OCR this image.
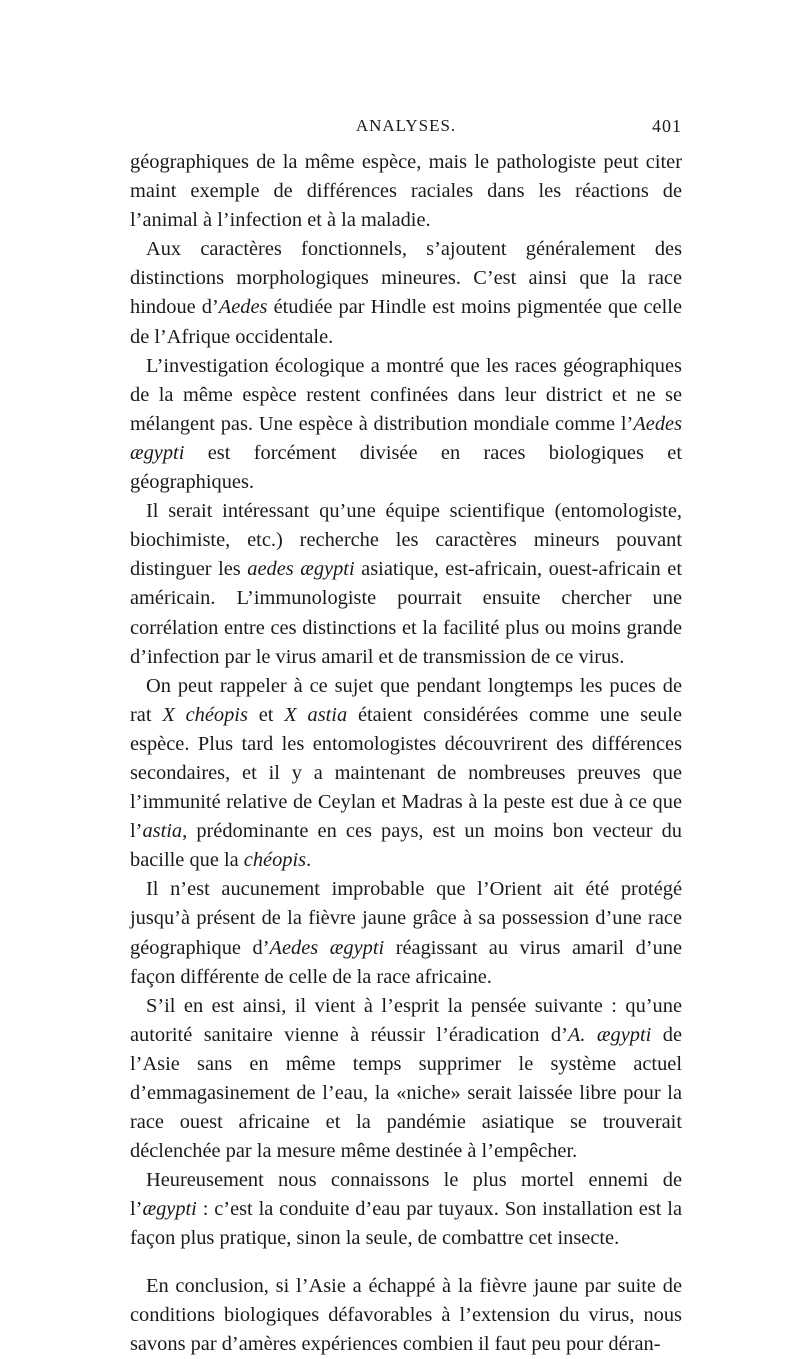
ANALYSES.	401

géographiques de la même espèce, mais le pathologiste peut citer maint exemple de différences raciales dans les réactions de l’animal à l’infection et à la maladie.

Aux caractères fonctionnels, s’ajoutent généralement des distinctions morphologiques mineures. C’est ainsi que la race hindoue d’Aedes étudiée par Hindle est moins pigmentée que celle de l’Afrique occidentale.

L’investigation écologique a montré que les races géographiques de la même espèce restent confinées dans leur district et ne se mélangent pas. Une espèce à distribution mondiale comme l’Aedes ægypti est forcément divisée en races biologiques et géographiques.

Il serait intéressant qu’une équipe scientifique (entomologiste, biochimiste, etc.) recherche les caractères mineurs pouvant distinguer les aedes ægypti asiatique, est-africain, ouest-africain et américain. L’immunologiste pourrait ensuite chercher une corrélation entre ces distinctions et la facilité plus ou moins grande d’infection par le virus amaril et de transmission de ce virus.

On peut rappeler à ce sujet que pendant longtemps les puces de rat X chéopis et X astia étaient considérées comme une seule espèce. Plus tard les entomologistes découvrirent des différences secondaires, et il y a maintenant de nombreuses preuves que l’immunité relative de Ceylan et Madras à la peste est due à ce que l’astia, prédominante en ces pays, est un moins bon vecteur du bacille que la chéopis.

Il n’est aucunement improbable que l’Orient ait été protégé jusqu’à présent de la fièvre jaune grâce à sa possession d’une race géographique d’Aedes ægypti réagissant au virus amaril d’une façon différente de celle de la race africaine.

S’il en est ainsi, il vient à l’esprit la pensée suivante : qu’une autorité sanitaire vienne à réussir l’éradication d’A. ægypti de l’Asie sans en même temps supprimer le système actuel d’emmagasinement de l’eau, la «niche» serait laissée libre pour la race ouest africaine et la pandémie asiatique se trouverait déclenchée par la mesure même destinée à l’empêcher.

Heureusement nous connaissons le plus mortel ennemi de l’ægypti : c’est la conduite d’eau par tuyaux. Son installation est la façon plus pratique, sinon la seule, de combattre cet insecte.

En conclusion, si l’Asie a échappé à la fièvre jaune par suite de conditions biologiques défavorables à l’extension du virus, nous savons par d’amères expériences combien il faut peu pour déran-
